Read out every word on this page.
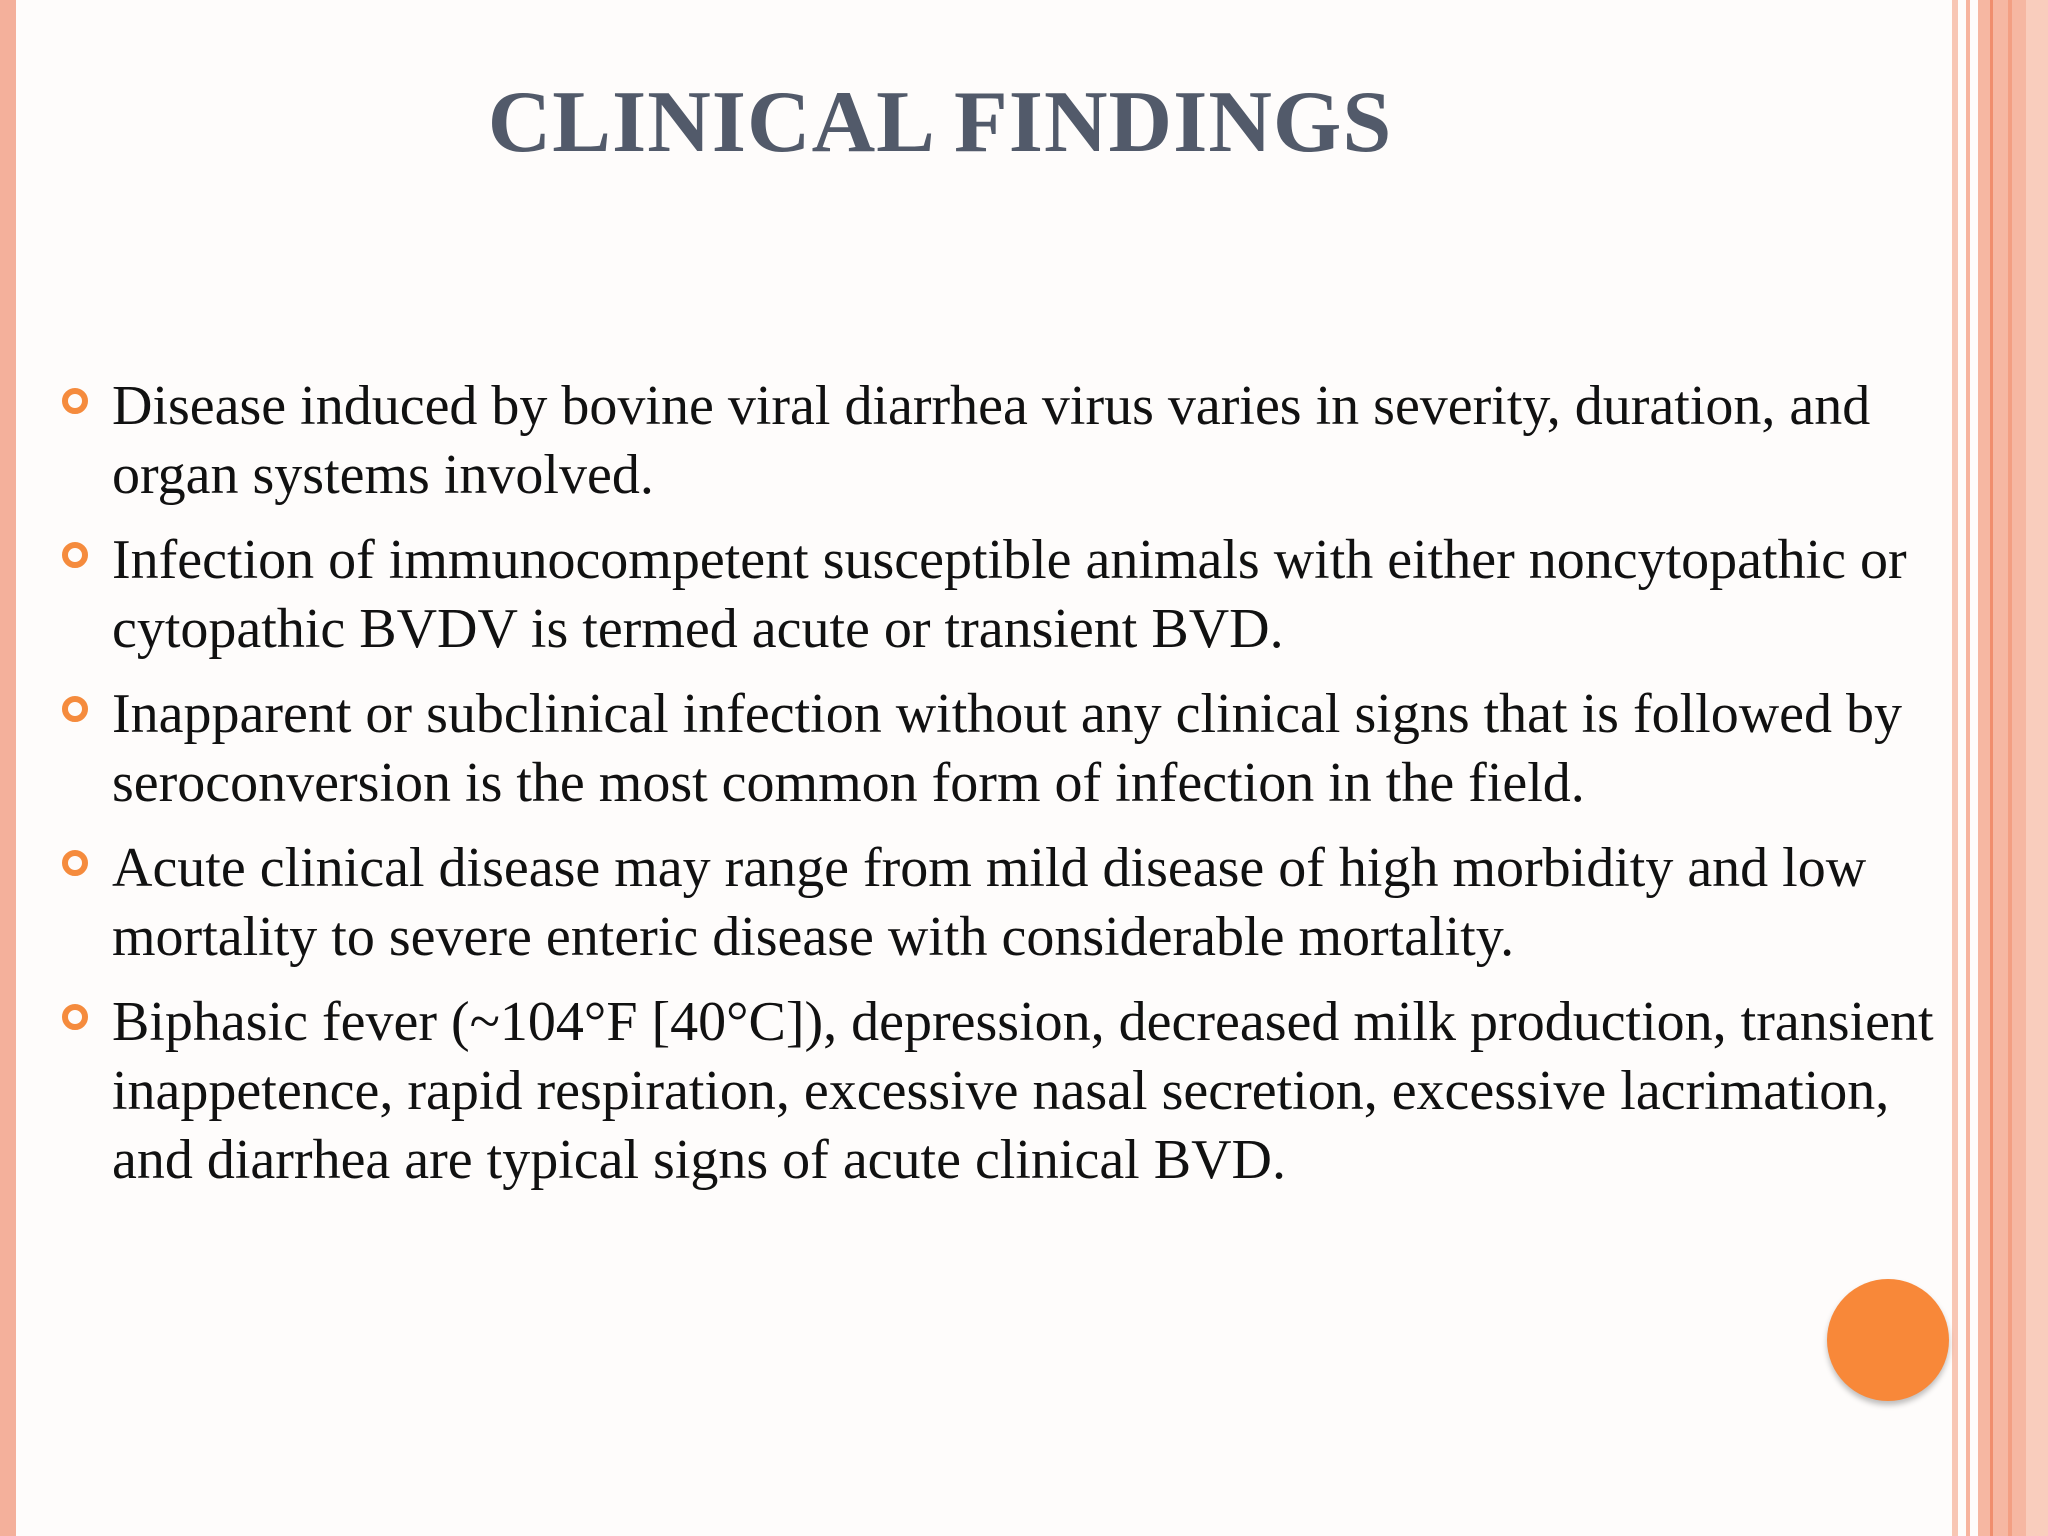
CLINICAL FINDINGS
Disease induced by bovine viral diarrhea virus varies in severity, duration, and organ systems involved.
Infection of immunocompetent susceptible animals with either noncytopathic or cytopathic BVDV is termed acute or transient BVD.
Inapparent or subclinical infection without any clinical signs that is followed by seroconversion is the most common form of infection in the field.
Acute clinical disease may range from mild disease of high morbidity and low mortality to severe enteric disease with considerable mortality.
Biphasic fever (~104°F [40°C]), depression, decreased milk production, transient inappetence, rapid respiration, excessive nasal secretion, excessive lacrimation, and diarrhea are typical signs of acute clinical BVD.
